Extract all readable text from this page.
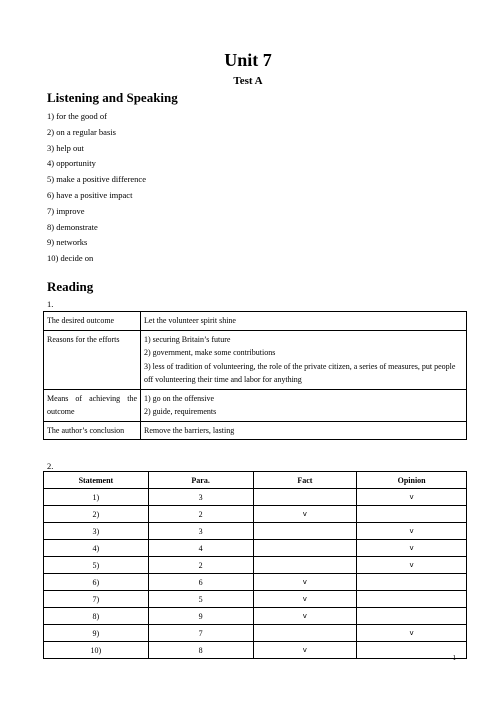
Unit 7
Test A
Listening and Speaking
1) for the good of
2) on a regular basis
3) help out
4) opportunity
5) make a positive difference
6) have a positive impact
7) improve
8) demonstrate
9) networks
10) decide on
Reading
1.
The desired outcome	Let the volunteer spirit shine

Reasons for the efforts	1) securing Britain’s future
2) government, make some contributions
3) less of tradition of volunteering, the role of the private citizen, a series of measures, put people off volunteering their time and labor for anything

Means of achieving the outcome	1) go on the offensive
2) guide, requirements

The author’s conclusion	Remove the barriers, lasting
2.
Statement	Para.	Fact	Opinion
1)	3		v
2)	2	v	
3)	3		v
4)	4		v
5)	2		v
6)	6	v	
7)	5	v	
8)	9	v	
9)	7		v
10)	8	v	
1
